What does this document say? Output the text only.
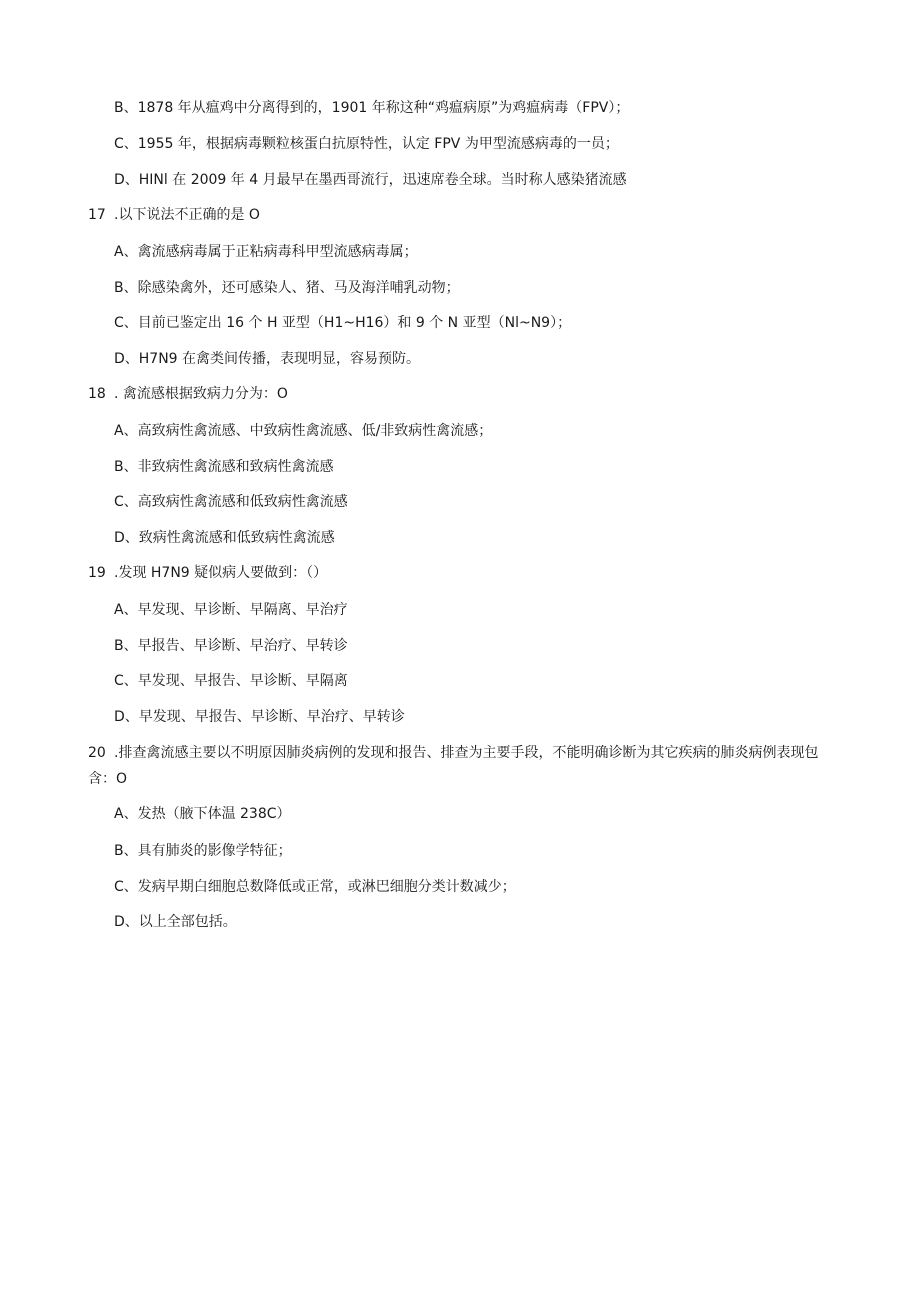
B、1878 年从瘟鸡中分离得到的，1901 年称这种“鸡瘟病原”为鸡瘟病毒（FPV）；
C、1955 年，根据病毒颗粒核蛋白抗原特性，认定 FPV 为甲型流感病毒的一员；
D、HINl 在 2009 年 4 月最早在墨西哥流行，迅速席卷全球。当时称人感染猪流感
17 .以下说法不正确的是 O
A、禽流感病毒属于正粘病毒科甲型流感病毒属；
B、除感染禽外，还可感染人、猪、马及海洋哺乳动物；
C、目前已鉴定出 16 个 H 亚型（H1~H16）和 9 个 N 亚型（Nl~N9）；
D、H7N9 在禽类间传播，表现明显，容易预防。
18 . 禽流感根据致病力分为：O
A、高致病性禽流感、中致病性禽流感、低/非致病性禽流感；
B、非致病性禽流感和致病性禽流感
C、高致病性禽流感和低致病性禽流感
D、致病性禽流感和低致病性禽流感
19 .发现 H7N9 疑似病人要做到：（）
A、早发现、早诊断、早隔离、早治疗
B、早报告、早诊断、早治疗、早转诊
C、早发现、早报告、早诊断、早隔离
D、早发现、早报告、早诊断、早治疗、早转诊
20 .排查禽流感主要以不明原因肺炎病例的发现和报告、排查为主要手段，不能明确诊断为其它疾病的肺炎病例表现包含：O
A、发热（腋下体温 238C）
B、具有肺炎的影像学特征；
C、发病早期白细胞总数降低或正常，或淋巴细胞分类计数减少；
D、以上全部包括。
